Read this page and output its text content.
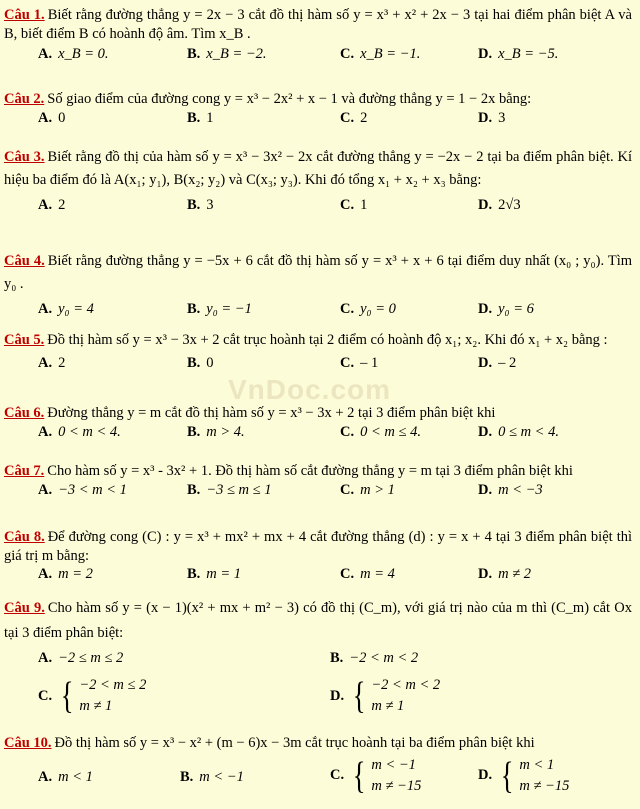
VnDoc.com
Câu 1. Biết rằng đường thẳng y = 2x − 3 cắt đồ thị hàm số y = x³ + x² + 2x − 3 tại hai điểm phân biệt A và B, biết điểm B có hoành độ âm. Tìm x_B .
A. x_B = 0.	B. x_B = −2.	C. x_B = −1.	D. x_B = −5.
Câu 2. Số giao điểm của đường cong y = x³ − 2x² + x − 1 và đường thẳng y = 1 − 2x bằng:
A. 0	B. 1	C. 2	D. 3
Câu 3. Biết rằng đồ thị của hàm số y = x³ − 3x² − 2x cắt đường thẳng y = −2x − 2 tại ba điểm phân biệt. Kí hiệu ba điểm đó là A(x₁; y₁), B(x₂; y₂) và C(x₃; y₃). Khi đó tổng x₁ + x₂ + x₃ bằng:
A. 2	B. 3	C. 1	D. 2√3
Câu 4. Biết rằng đường thẳng y = −5x + 6 cắt đồ thị hàm số y = x³ + x + 6 tại điểm duy nhất (x₀ ; y₀). Tìm y₀ .
A. y₀ = 4	B. y₀ = −1	C. y₀ = 0	D. y₀ = 6
Câu 5. Đồ thị hàm số y = x³ − 3x + 2 cắt trục hoành tại 2 điểm có hoành độ x₁; x₂. Khi đó x₁ + x₂ bằng :
A. 2	B. 0	C. – 1	D. – 2
Câu 6. Đường thẳng y = m cắt đồ thị hàm số y = x³ − 3x + 2 tại 3 điểm phân biệt khi
A. 0 < m < 4.	B. m > 4.	C. 0 < m ≤ 4.	D. 0 ≤ m < 4.
Câu 7. Cho hàm số y = x³ - 3x² + 1. Đồ thị hàm số cắt đường thẳng y = m tại 3 điểm phân biệt khi
A. −3 < m < 1	B. −3 ≤ m ≤ 1	C. m > 1	D. m < −3
Câu 8. Để đường cong (C) : y = x³ + mx² + mx + 4 cắt đường thẳng (d) : y = x + 4 tại 3 điểm phân biệt thì giá trị m bằng:
A. m = 2	B. m = 1	C. m = 4	D. m ≠ 2
Câu 9. Cho hàm số y = (x − 1)(x² + mx + m² − 3) có đồ thị (C_m), với giá trị nào của m thì (C_m) cắt Ox tại 3 điểm phân biệt:
A. −2 ≤ m ≤ 2	B. −2 < m < 2
C. { −2 < m ≤ 2
m ≠ 1
D. { −2 < m < 2
m ≠ 1
Câu 10. Đồ thị hàm số y = x³ − x² + (m − 6)x − 3m cắt trục hoành tại ba điểm phân biệt khi
A. m < 1	B. m < −1	C. { m < −1
m ≠ −15
D. { m < 1
m ≠ −15
